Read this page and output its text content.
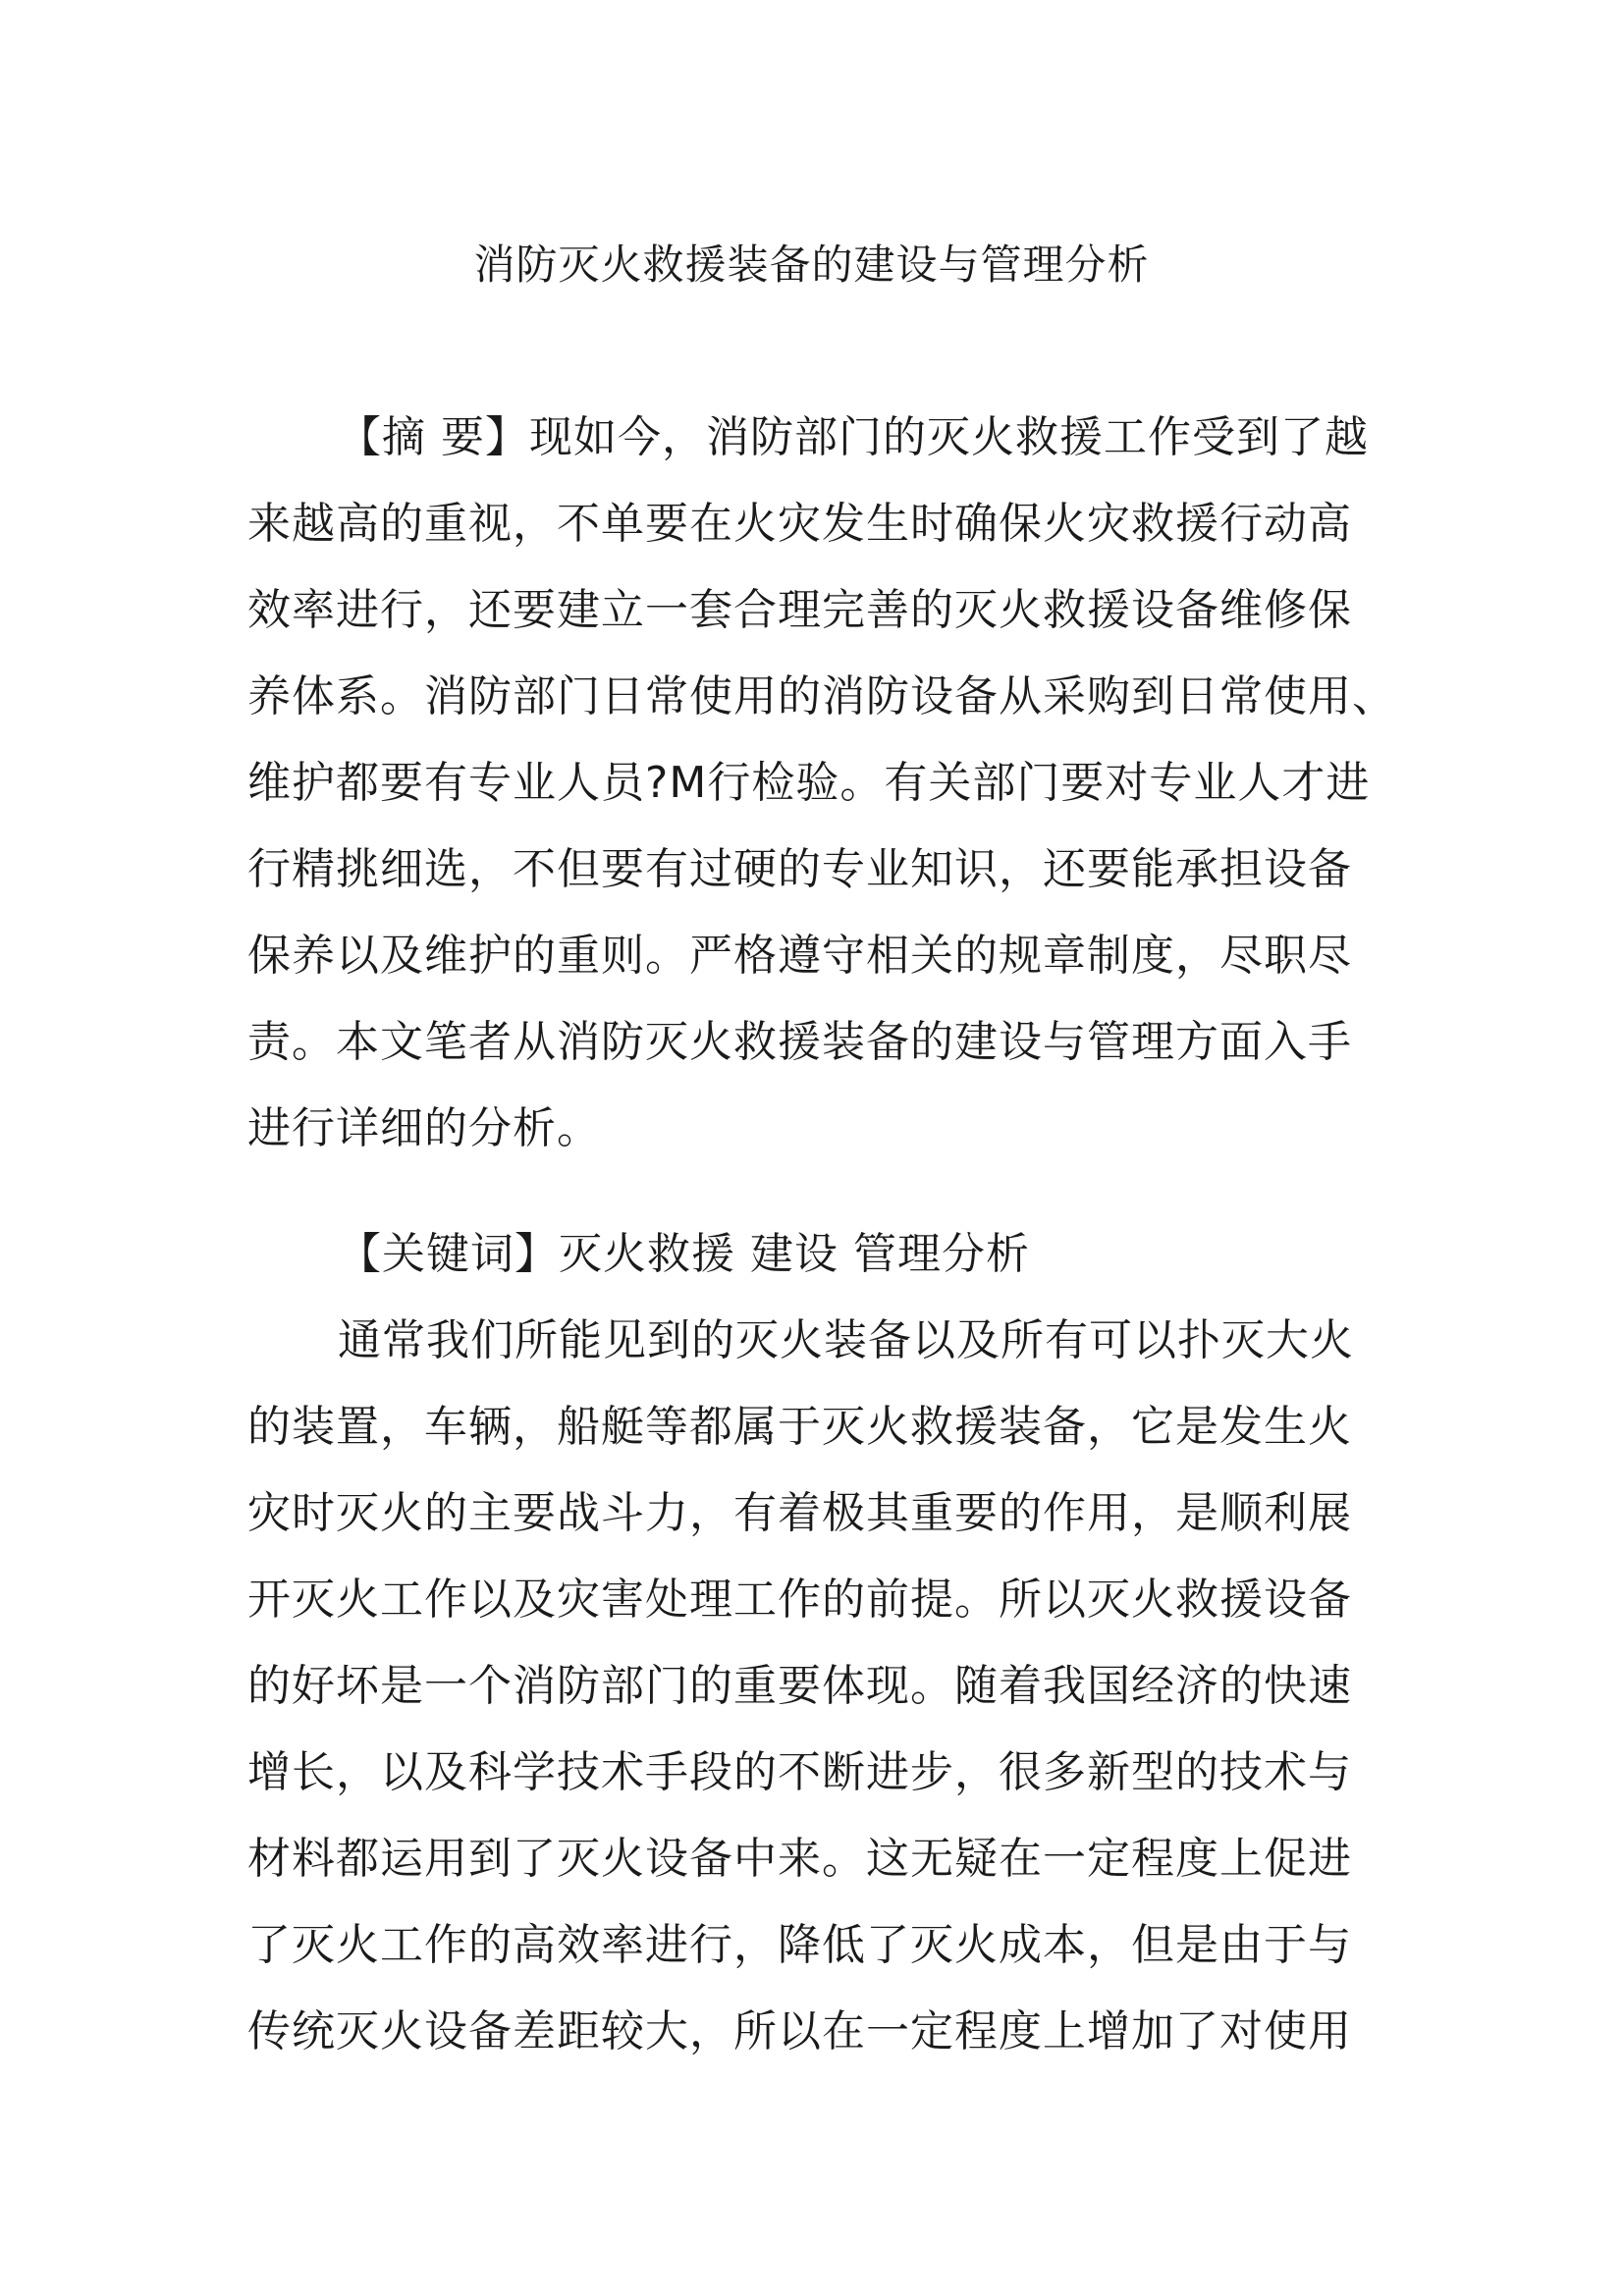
消防灭火救援装备的建设与管理分析
【摘 要】现如今，消防部门的灭火救援工作受到了越
来越高的重视，不单要在火灾发生时确保火灾救援行动高
效率进行，还要建立一套合理完善的灭火救援设备维修保
养体系。消防部门日常使用的消防设备从采购到日常使用、
维护都要有专业人员?M行检验。有关部门要对专业人才进
行精挑细选，不但要有过硬的专业知识，还要能承担设备
保养以及维护的重则。严格遵守相关的规章制度，尽职尽
责。本文笔者从消防灭火救援装备的建设与管理方面入手
进行详细的分析。
【关键词】灭火救援 建设 管理分析
通常我们所能见到的灭火装备以及所有可以扑灭大火
的装置，车辆，船艇等都属于灭火救援装备，它是发生火
灾时灭火的主要战斗力，有着极其重要的作用，是顺利展
开灭火工作以及灾害处理工作的前提。所以灭火救援设备
的好坏是一个消防部门的重要体现。随着我国经济的快速
增长，以及科学技术手段的不断进步，很多新型的技术与
材料都运用到了灭火设备中来。这无疑在一定程度上促进
了灭火工作的高效率进行，降低了灭火成本，但是由于与
传统灭火设备差距较大，所以在一定程度上增加了对使用
